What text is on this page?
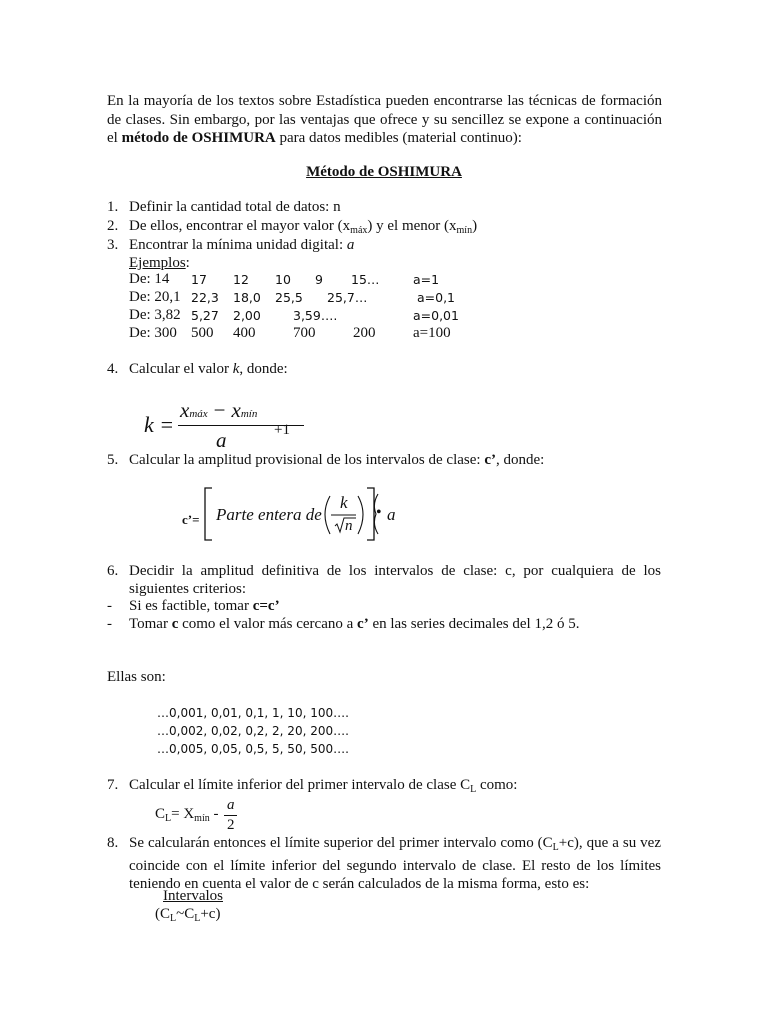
En la mayoría de los textos sobre Estadística pueden encontrarse las técnicas de formación de clases. Sin embargo, por las ventajas que ofrece y su sencillez se expone a continuación el método de OSHIMURA para datos medibles (material continuo):
Método de OSHIMURA
1. Definir la cantidad total de datos: n
2. De ellos, encontrar el mayor valor $(x_{máx})$ y el menor $(x_{mín})$
3. Encontrar la mínima unidad digital: a
Ejemplos:
De: 14 17 12 10 9 15…	a=1
De: 20,1 22,3 18,0 25,5 25,7…	a=0,1
De: 3,82 5,27 2,00	3,59….	a=0,01
De: 300 500 400	700	200	a=100
4. Calcular el valor k, donde:
k =
xmáx − xmín
a	+1
5. Calcular la amplitud provisional de los intervalos de clase: c’, donde:
c’= Parte entera de
k
n
• a
6. Decidir la amplitud definitiva de los intervalos de clase: c, por cualquiera de los siguientes criterios:
- Si es factible, tomar c=c’
- Tomar c como el valor más cercano a c’ en las series decimales del 1,2 ó 5.
Ellas son:
…0,001, 0,01, 0,1, 1, 10, 100….
…0,002, 0,02, 0,2, 2, 20, 200….
…0,005, 0,05, 0,5, 5, 50, 500….
7. Calcular el límite inferior del primer intervalo de clase $C_L$ como:
$C_L= X_{mín}$ -
a
2
8. Se calcularán entonces el límite superior del primer intervalo como $(C_L+c)$, que a su vez coincide con el límite inferior del segundo intervalo de clase. El resto de los límites teniendo en cuenta el valor de c serán calculados de la misma forma, esto es:
Intervalos
$(C_L\sim C_L+c)$
